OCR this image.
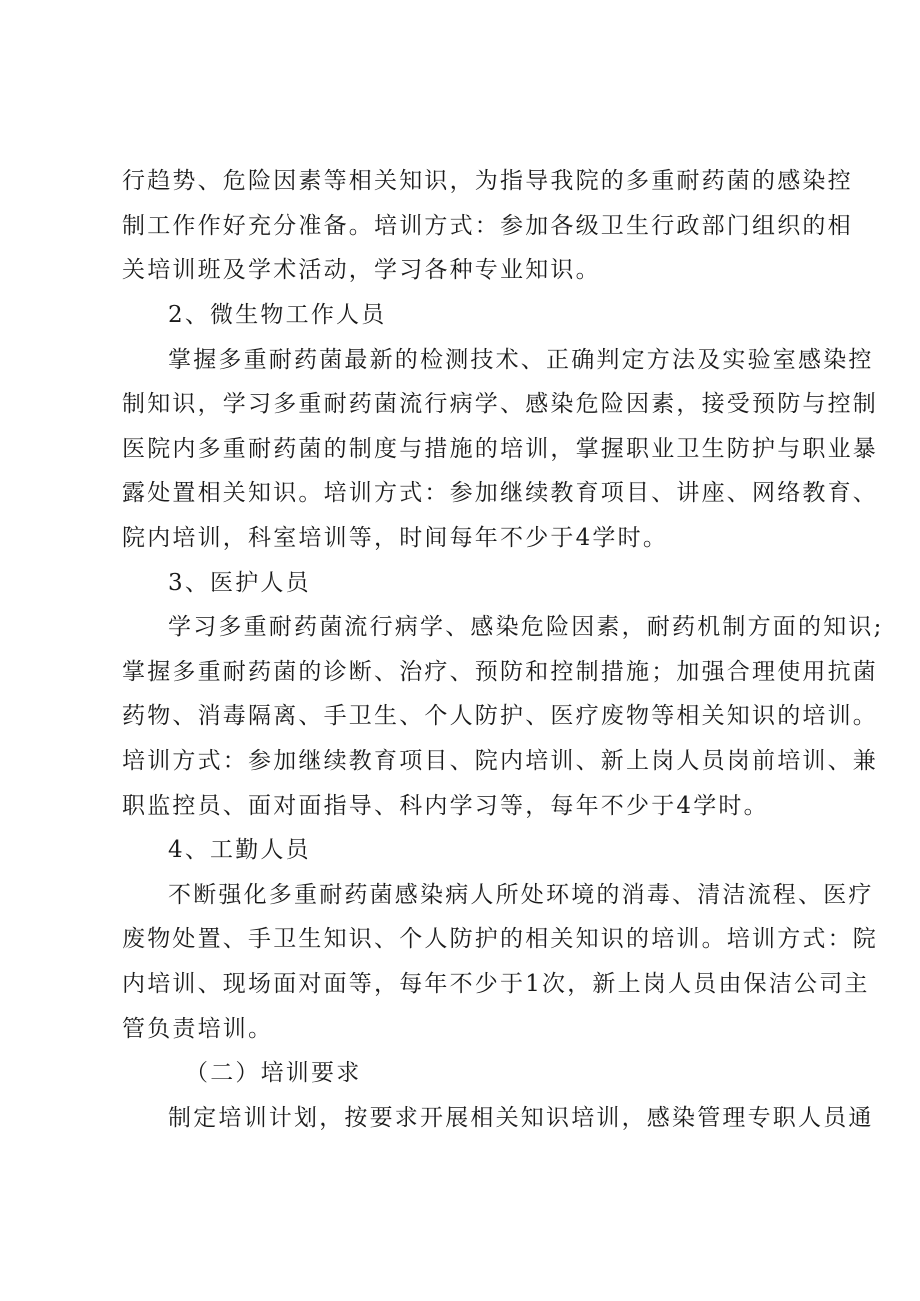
行趋势、危险因素等相关知识，为指导我院的多重耐药菌的感染控
制工作作好充分准备。培训方式：参加各级卫生行政部门组织的相
关培训班及学术活动，学习各种专业知识。
2、微生物工作人员
掌握多重耐药菌最新的检测技术、正确判定方法及实验室感染控
制知识，学习多重耐药菌流行病学、感染危险因素，接受预防与控制
医院内多重耐药菌的制度与措施的培训，掌握职业卫生防护与职业暴
露处置相关知识。培训方式：参加继续教育项目、讲座、网络教育、
院内培训，科室培训等，时间每年不少于4学时。
3、医护人员
学习多重耐药菌流行病学、感染危险因素，耐药机制方面的知识;
掌握多重耐药菌的诊断、治疗、预防和控制措施；加强合理使用抗菌
药物、消毒隔离、手卫生、个人防护、医疗废物等相关知识的培训。
培训方式：参加继续教育项目、院内培训、新上岗人员岗前培训、兼
职监控员、面对面指导、科内学习等，每年不少于4学时。
4、工勤人员
不断强化多重耐药菌感染病人所处环境的消毒、清洁流程、医疗
废物处置、手卫生知识、个人防护的相关知识的培训。培训方式：院
内培训、现场面对面等，每年不少于1次，新上岗人员由保洁公司主
管负责培训。
（二）培训要求
制定培训计划，按要求开展相关知识培训，感染管理专职人员通
